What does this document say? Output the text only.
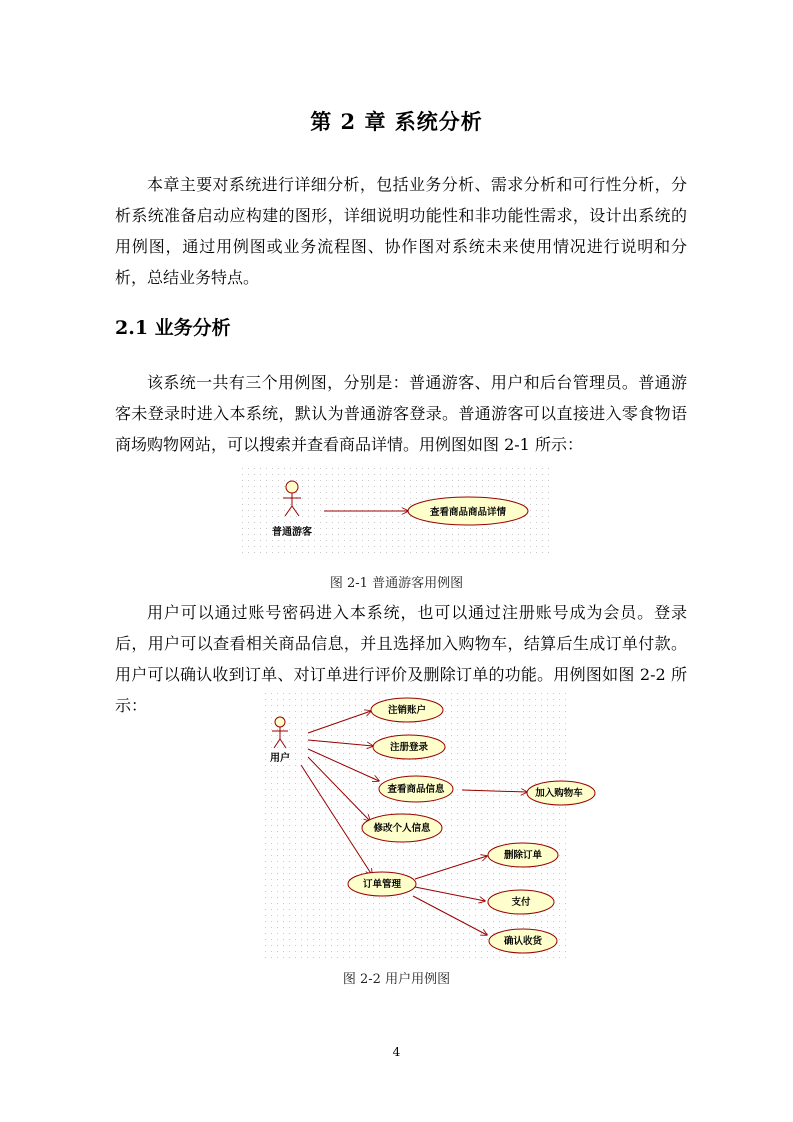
第 2 章 系统分析

本章主要对系统进行详细分析，包括业务分析、需求分析和可行性分析，分析系统准备启动应构建的图形，详细说明功能性和非功能性需求，设计出系统的用例图，通过用例图或业务流程图、协作图对系统未来使用情况进行说明和分析，总结业务特点。

2.1 业务分析

该系统一共有三个用例图，分别是：普通游客、用户和后台管理员。普通游客未登录时进入本系统，默认为普通游客登录。普通游客可以直接进入零食物语商场购物网站，可以搜索并查看商品详情。用例图如图 2-1 所示：

普通游客
查看商品商品详情
图 2-1 普通游客用例图

用户可以通过账号密码进入本系统，也可以通过注册账号成为会员。登录后，用户可以查看相关商品信息，并且选择加入购物车，结算后生成订单付款。用户可以确认收到订单、对订单进行评价及删除订单的功能。用例图如图 2-2 所示：

用户
注销账户
注册登录
查看商品信息	加入购物车
修改个人信息
订单管理
删除订单
支付
确认收货
图 2-2 用户用例图
4
